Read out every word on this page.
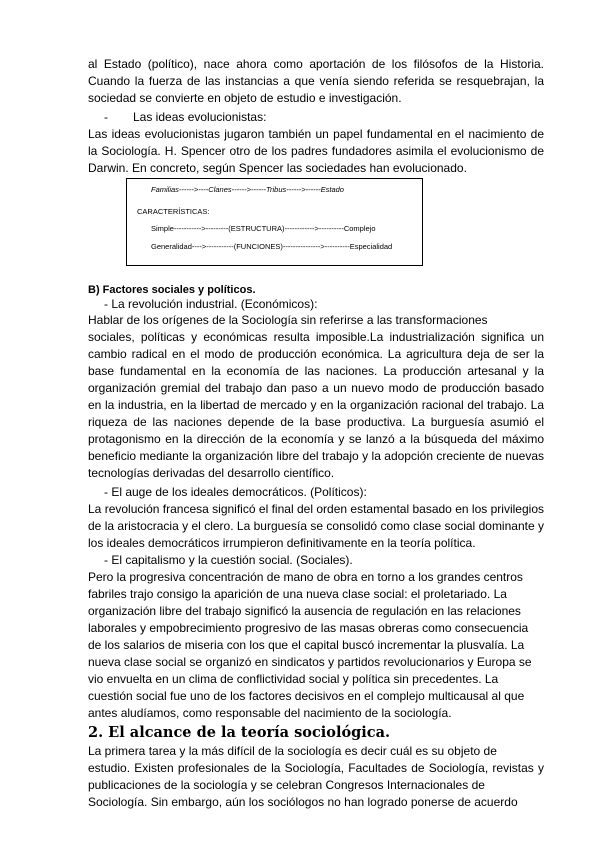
al Estado (político), nace ahora como aportación de los filósofos de la Historia.
Cuando la fuerza de las instancias a que venía siendo referida se resquebrajan, la
sociedad se convierte en objeto de estudio e investigación.
- Las ideas evolucionistas:
Las ideas evolucionistas jugaron también un papel fundamental en el nacimiento de
la Sociología. H. Spencer otro de los padres fundadores asimila el evolucionismo de
Darwin. En concreto, según Spencer las sociedades han evolucionado.
Familias------>----Clanes------>------Tribus------>------Estado
CARACTERÍSTICAS:
Simple----------->---------(ESTRUCTURA)------------>----------Complejo
Generalidad---->-----------(FUNCIONES)--------------->----------Especialidad
B) Factores sociales y políticos.
- La revolución industrial. (Económicos):
Hablar de los orígenes de la Sociología sin referirse a las transformaciones
sociales, políticas y económicas resulta imposible.La industrialización significa un
cambio radical en el modo de producción económica. La agricultura deja de ser la
base fundamental en la economía de las naciones. La producción artesanal y la
organización gremial del trabajo dan paso a un nuevo modo de producción basado
en la industria, en la libertad de mercado y en la organización racional del trabajo. La
riqueza de las naciones depende de la base productiva. La burguesía asumió el
protagonismo en la dirección de la economía y se lanzó a la búsqueda del máximo
beneficio mediante la organización libre del trabajo y la adopción creciente de nuevas
tecnologías derivadas del desarrollo científico.
- El auge de los ideales democráticos. (Políticos):
La revolución francesa significó el final del orden estamental basado en los privilegios
de la aristocracia y el clero. La burguesía se consolidó como clase social dominante y
los ideales democráticos irrumpieron definitivamente en la teoría política.
- El capitalismo y la cuestión social. (Sociales).
Pero la progresiva concentración de mano de obra en torno a los grandes centros
fabriles trajo consigo la aparición de una nueva clase social: el proletariado. La
organización libre del trabajo significó la ausencia de regulación en las relaciones
laborales y empobrecimiento progresivo de las masas obreras como consecuencia
de los salarios de miseria con los que el capital buscó incrementar la plusvalía. La
nueva clase social se organizó en sindicatos y partidos revolucionarios y Europa se
vio envuelta en un clima de conflictividad social y política sin precedentes. La
cuestión social fue uno de los factores decisivos en el complejo multicausal al que
antes aludíamos, como responsable del nacimiento de la sociología.
2. El alcance de la teoría sociológica.
La primera tarea y la más difícil de la sociología es decir cuál es su objeto de
estudio. Existen profesionales de la Sociología, Facultades de Sociología, revistas y
publicaciones de la sociología y se celebran Congresos Internacionales de
Sociología. Sin embargo, aún los sociólogos no han logrado ponerse de acuerdo
